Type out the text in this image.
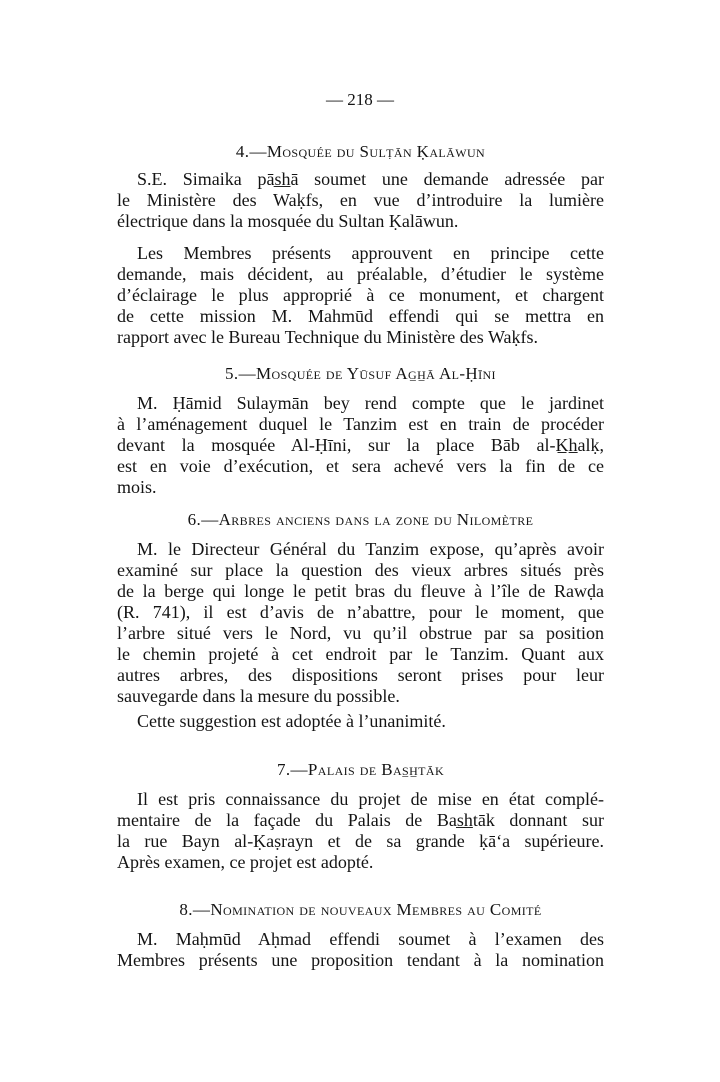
— 218 —
4.—Mosquée du Sulṭān Ḳalāwun
S.E. Simaika pās̲h̲ā soumet une demande adressée par
le Ministère des Waḳfs, en vue d’introduire la lumière
électrique dans la mosquée du Sultan Ḳalāwun.
Les Membres présents approuvent en principe cette
demande, mais décident, au préalable, d’étudier le système
d’éclairage le plus approprié à ce monument, et chargent
de cette mission M. Mahmūd effendi qui se mettra en
rapport avec le Bureau Technique du Ministère des Waḳfs.
5.—Mosquée de Yūsuf Ag̲h̲ā Al-Ḥīni
M. Ḥāmid Sulaymān bey rend compte que le jardinet
à l’aménagement duquel le Tanzim est en train de procéder
devant la mosquée Al-Ḥīni, sur la place Bāb al-K̲h̲alḳ,
est en voie d’exécution, et sera achevé vers la fin de ce
mois.
6.—Arbres anciens dans la zone du Nilomètre
M. le Directeur Général du Tanzim expose, qu’après avoir
examiné sur place la question des vieux arbres situés près
de la berge qui longe le petit bras du fleuve à l’île de Rawḍa
(R. 741), il est d’avis de n’abattre, pour le moment, que
l’arbre situé vers le Nord, vu qu’il obstrue par sa position
le chemin projeté à cet endroit par le Tanzim. Quant aux
autres arbres, des dispositions seront prises pour leur
sauvegarde dans la mesure du possible.
Cette suggestion est adoptée à l’unanimité.
7.—Palais de Bas̲h̲tāk
Il est pris connaissance du projet de mise en état complé-
mentaire de la façade du Palais de Bas̲h̲tāk donnant sur
la rue Bayn al-Ḳaṣrayn et de sa grande ḳā‘a supérieure.
Après examen, ce projet est adopté.
8.—Nomination de nouveaux Membres au Comité
M. Maḥmūd Aḥmad effendi soumet à l’examen des
Membres présents une proposition tendant à la nomination
